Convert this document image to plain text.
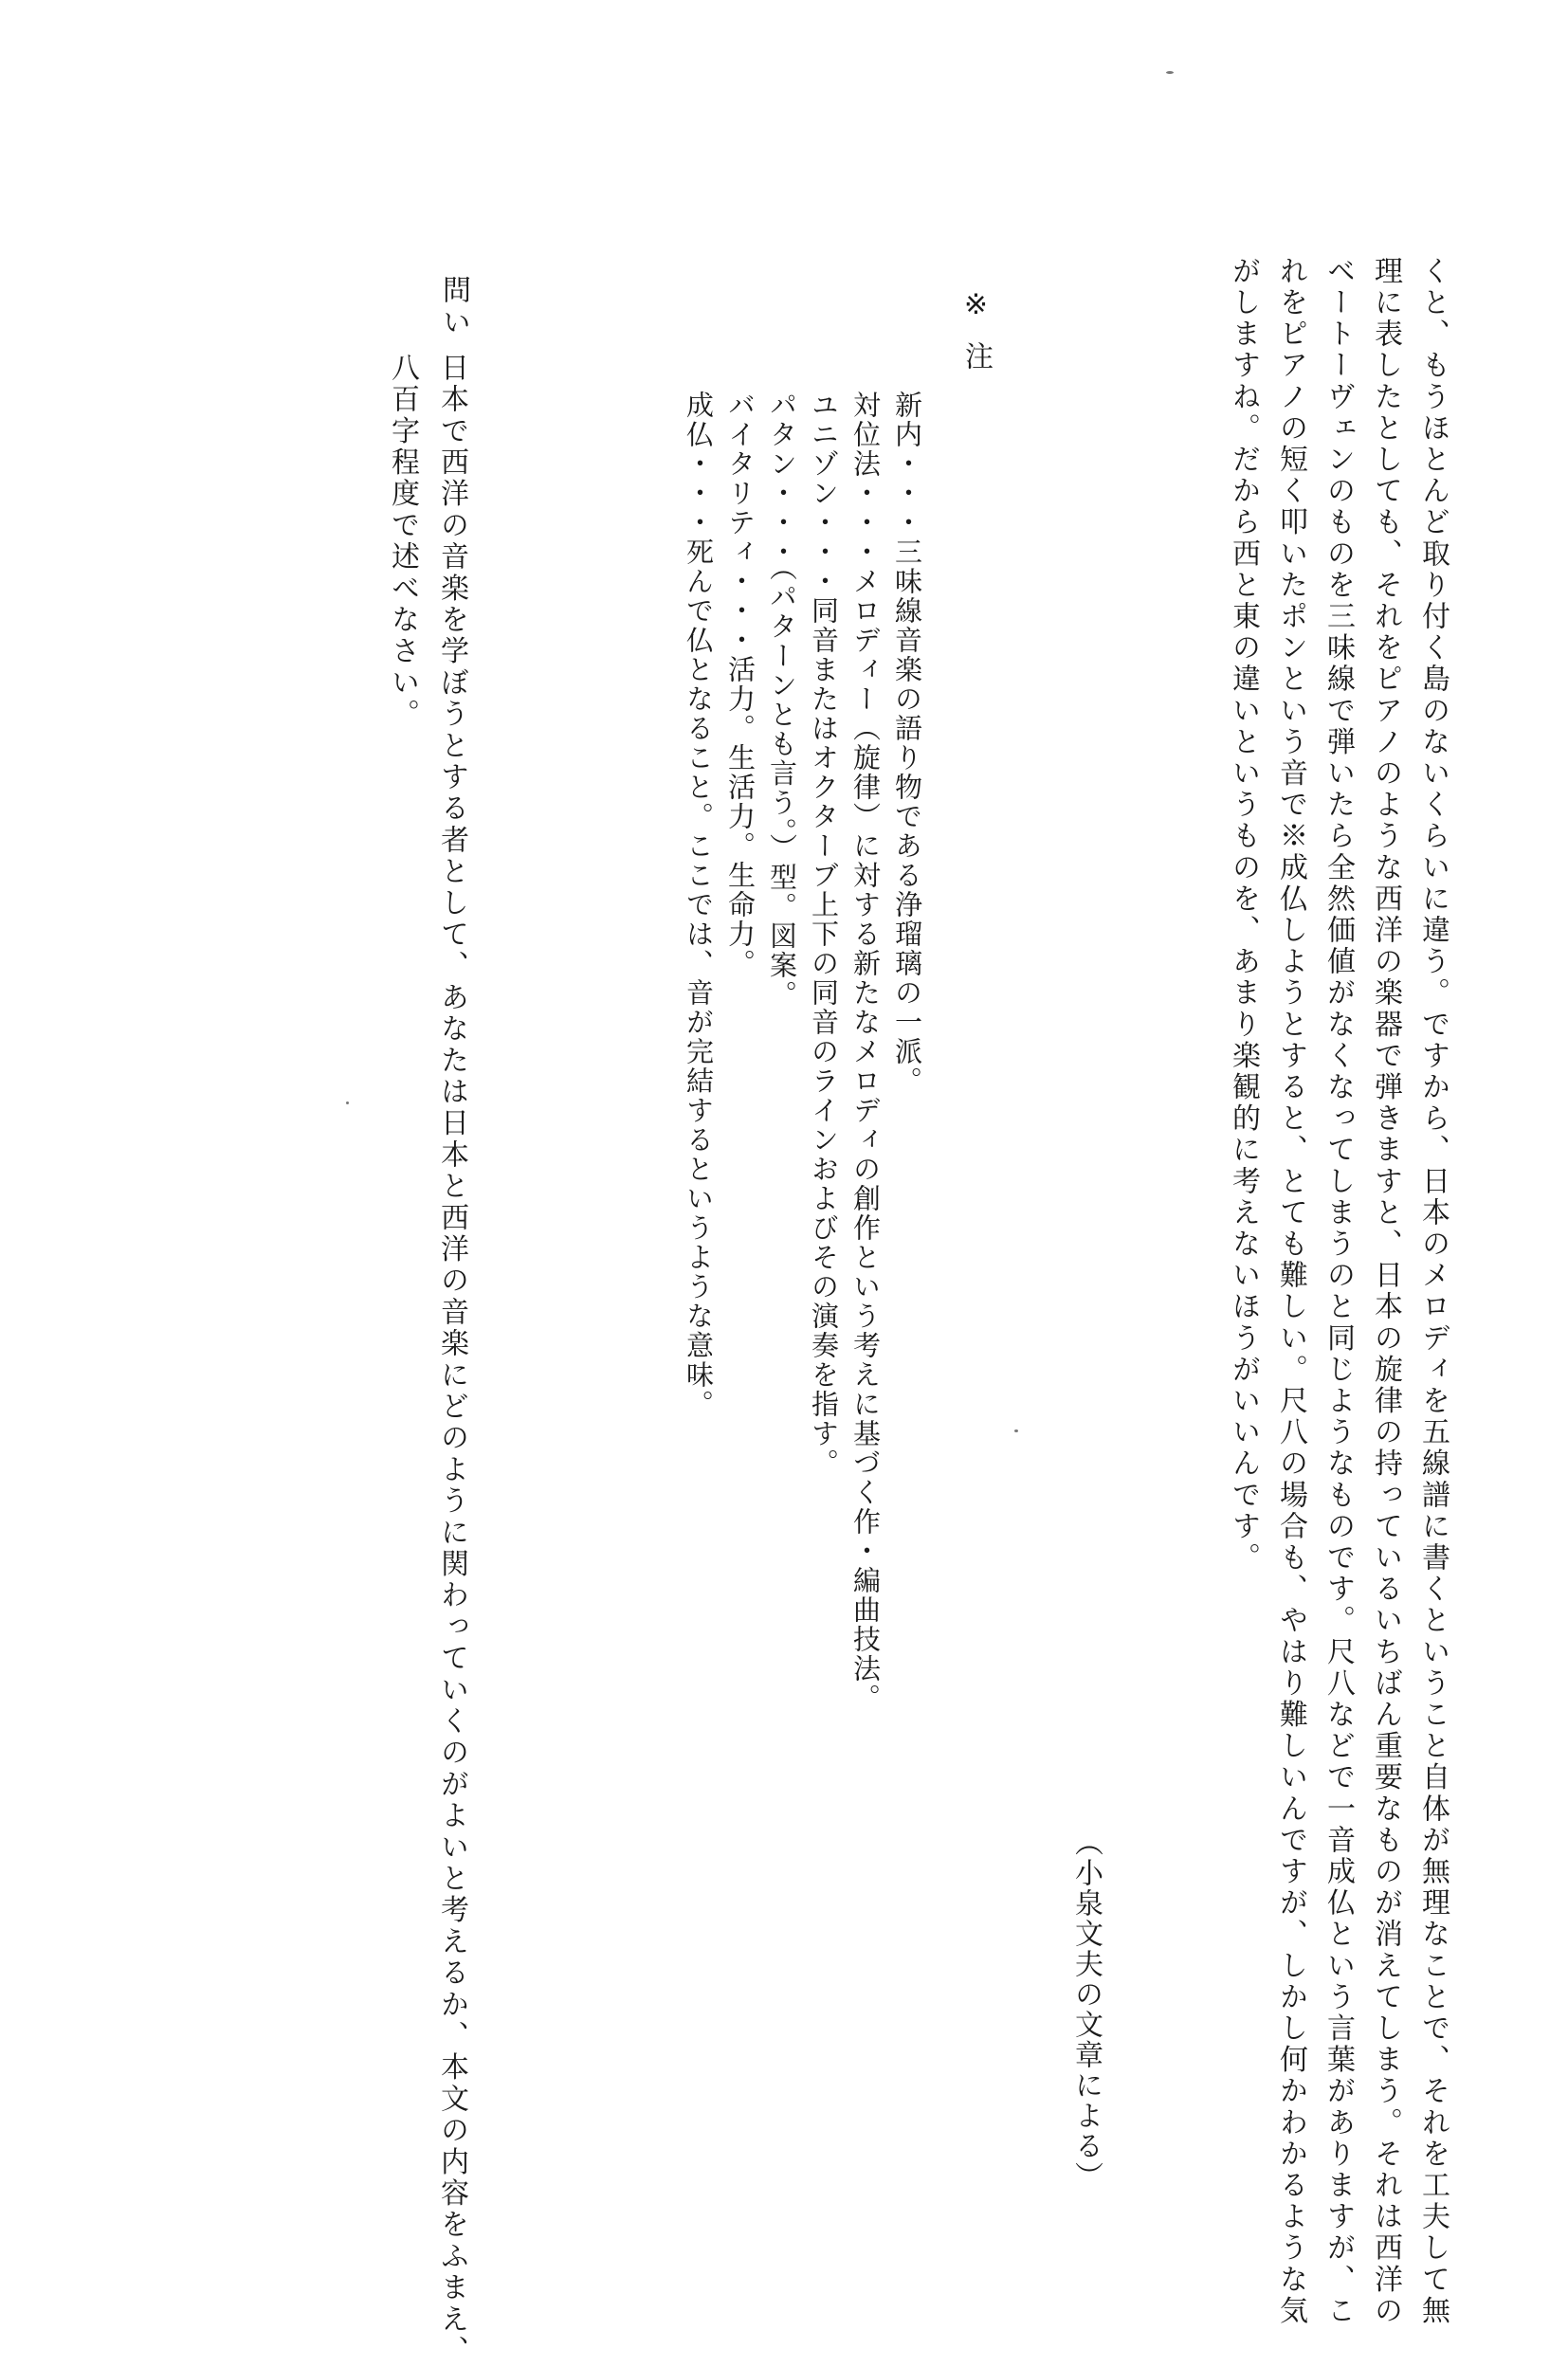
くと、もうほとんど取り付く島のないくらいに違う。ですから、日本のメロディを五線譜に書くということ自体が無理なことで、それを工夫して無
理に表したとしても、それをピアノのような西洋の楽器で弾きますと、日本の旋律の持っているいちばん重要なものが消えてしまう。それは西洋の
ベートーヴェンのものを三味線で弾いたら全然価値がなくなってしまうのと同じようなものです。尺八などで一音成仏という言葉がありますが、こ
れをピアノの短く叩いたポンという音で※成仏しようとすると、とても難しい。尺八の場合も、やはり難しいんですが、しかし何かわかるような気
がしますね。だから西と東の違いというものを、あまり楽観的に考えないほうがいいんです。
（小泉文夫の文章による）
※
注
新内・・・三味線音楽の語り物である浄瑠璃の一派。
対位法・・・メロディー（旋律）に対する新たなメロディの創作という考えに基づく作・編曲技法。
ユニゾン・・・同音またはオクターブ上下の同音のラインおよびその演奏を指す。
パタン・・・（パターンとも言う。）型。図案。
バイタリティ・・・活力。生活力。生命力。
成仏・・・死んで仏となること。ここでは、音が完結するというような意味。
問い
日本で西洋の音楽を学ぼうとする者として、あなたは日本と西洋の音楽にどのように関わっていくのがよいと考えるか、本文の内容をふまえ、
八百字程度で述べなさい。
